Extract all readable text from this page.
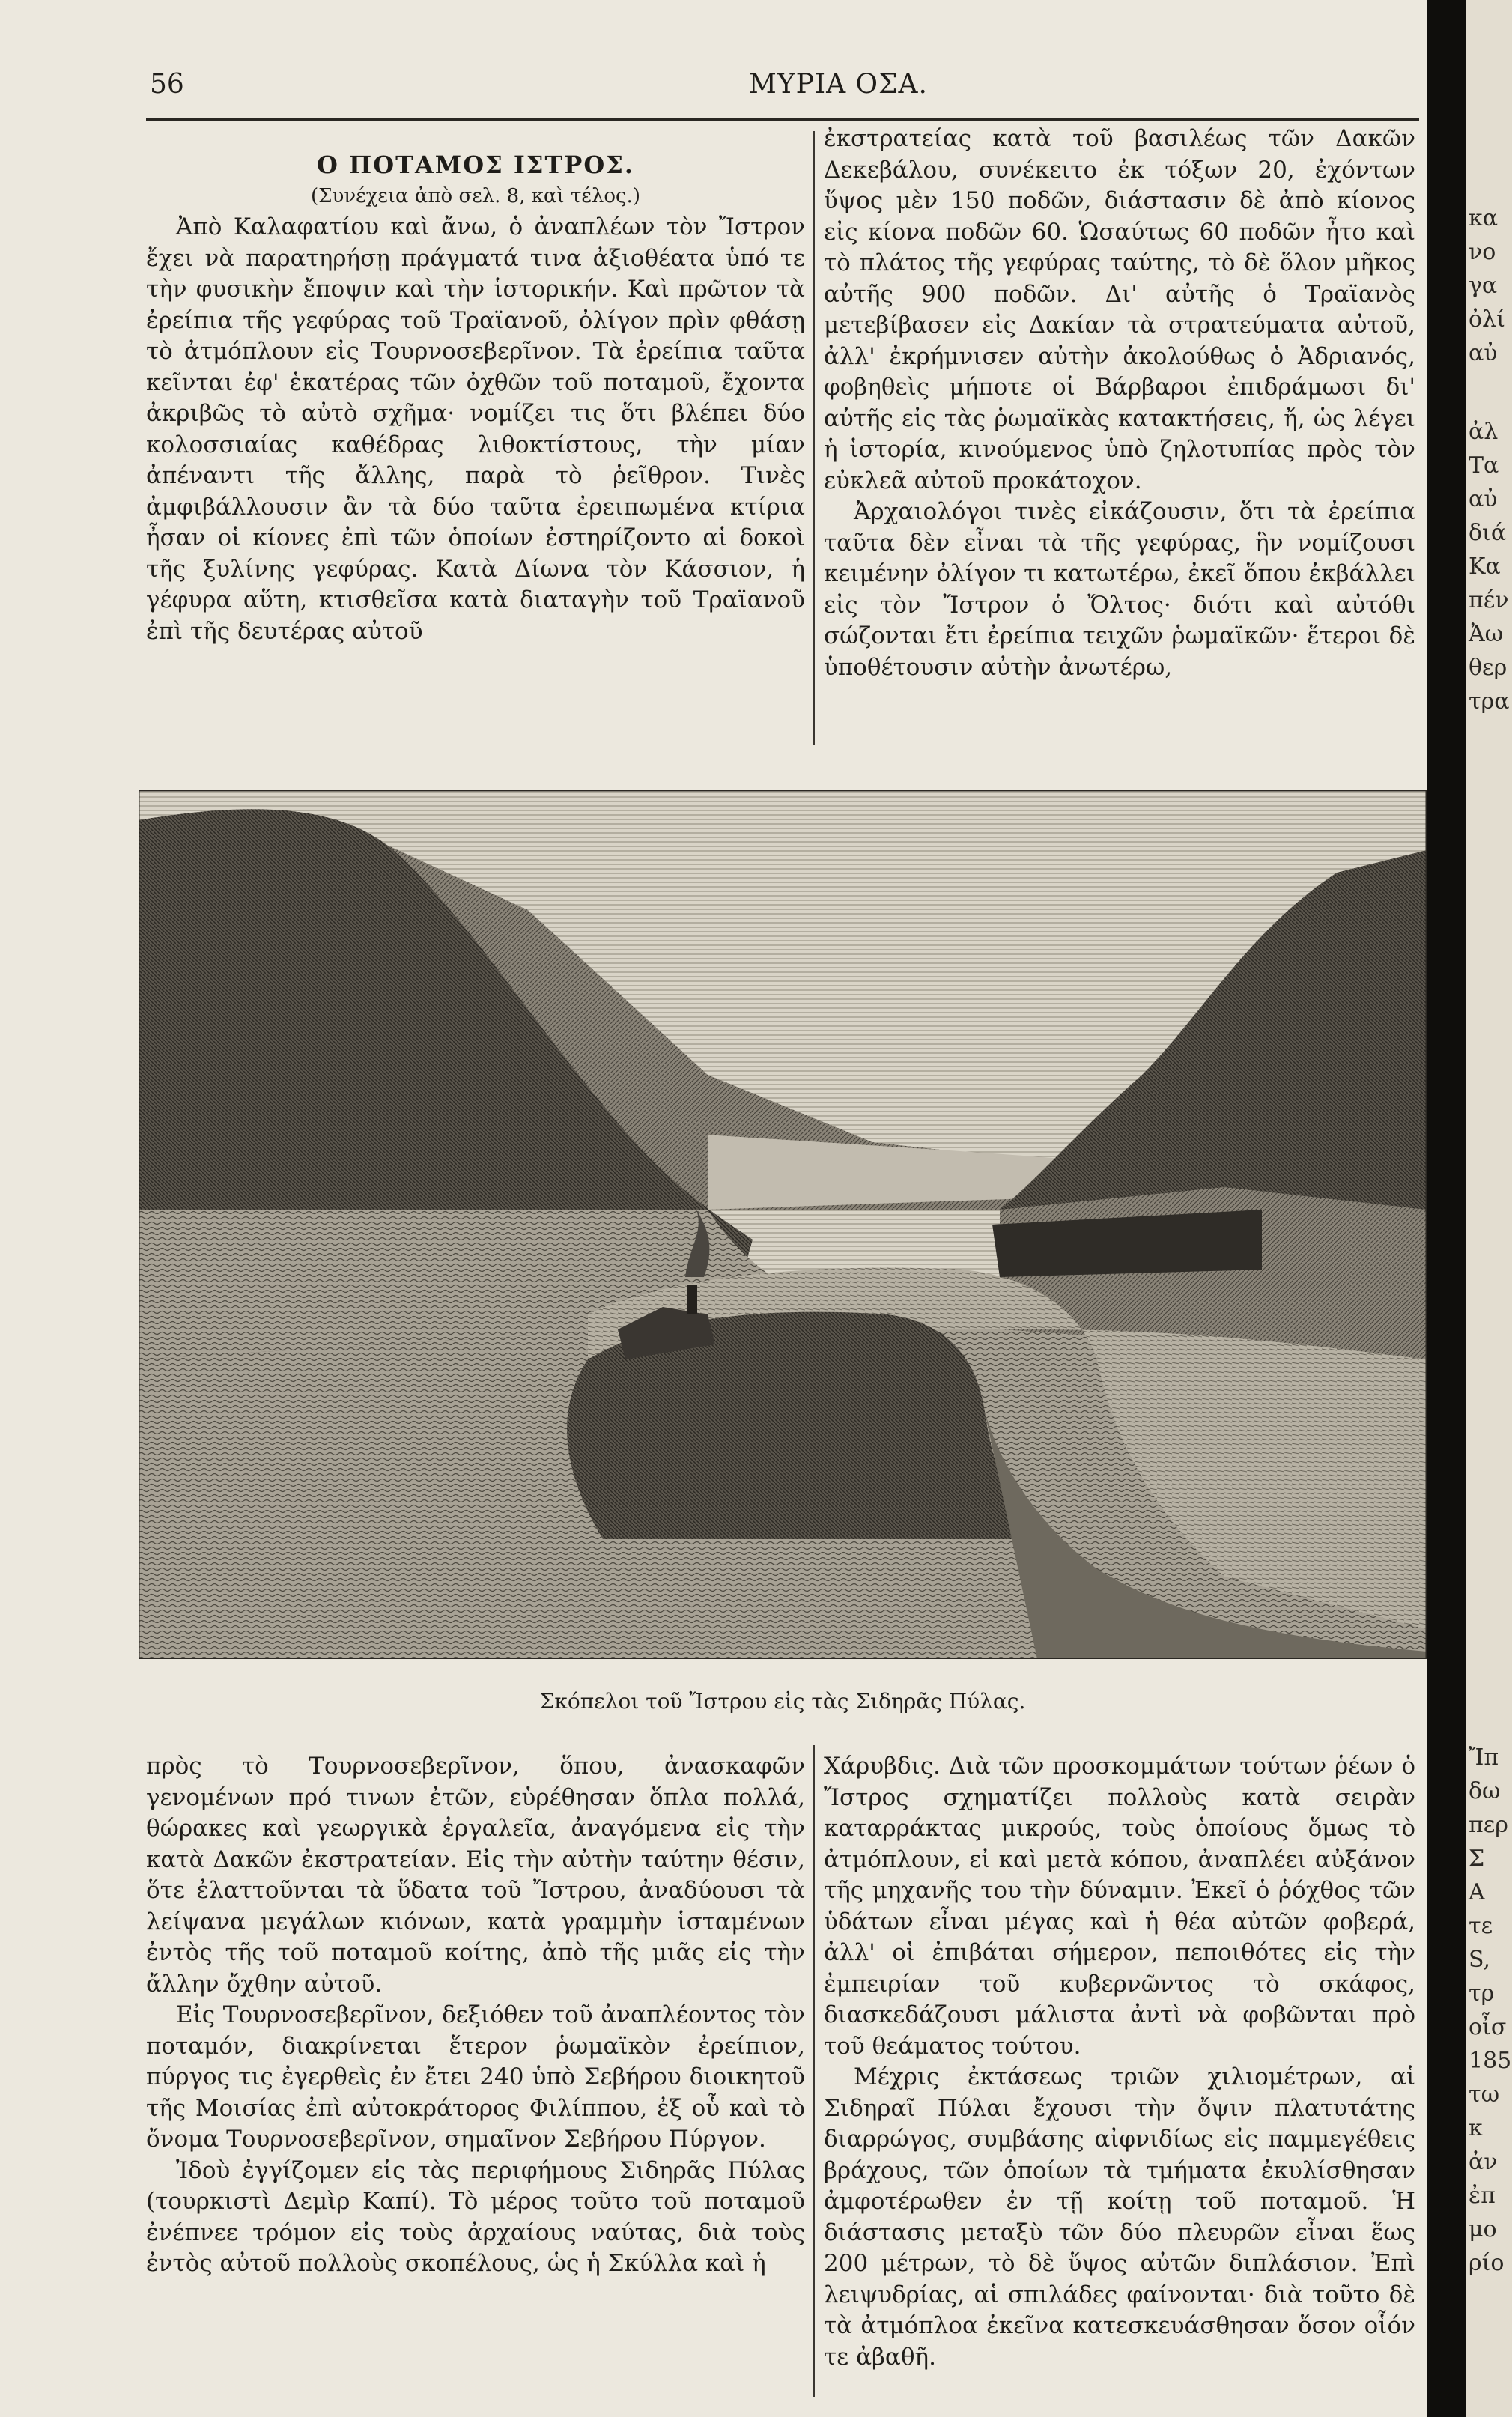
56	ΜΥΡΙΑ ΟΣΑ.

Ο ΠΟΤΑΜΟΣ ΙΣΤΡΟΣ.

(Συνέχεια ἀπὸ σελ. 8, καὶ τέλος.)

Ἀπὸ Καλαφατίου καὶ ἄνω, ὁ ἀναπλέων τὸν Ἴστρον ἔχει νὰ παρατηρήσῃ πράγματά τινα ἀξιοθέατα ὑπό τε τὴν φυσικὴν ἔποψιν καὶ τὴν ἱστορικήν. Καὶ πρῶτον τὰ ἐρείπια τῆς γεφύρας τοῦ Τραϊανοῦ, ὀλίγον πρὶν φθάσῃ τὸ ἀτμόπλουν εἰς Τουρνοσεβερῖνον. Τὰ ἐρείπια ταῦτα κεῖνται ἐφ' ἑκατέρας τῶν ὀχθῶν τοῦ ποταμοῦ, ἔχοντα ἀκριβῶς τὸ αὐτὸ σχῆμα· νομίζει τις ὅτι βλέπει δύο κολοσσιαίας καθέδρας λιθοκτίστους, τὴν μίαν ἀπέναντι τῆς ἄλλης, παρὰ τὸ ῥεῖθρον. Τινὲς ἀμφιβάλλουσιν ἂν τὰ δύο ταῦτα ἐρειπωμένα κτίρια ἦσαν οἱ κίονες ἐπὶ τῶν ὁποίων ἐστηρίζοντο αἱ δοκοὶ τῆς ξυλίνης γεφύρας. Κατὰ Δίωνα τὸν Κάσσιον, ἡ γέφυρα αὕτη, κτισθεῖσα κατὰ διαταγὴν τοῦ Τραϊανοῦ ἐπὶ τῆς δευτέρας αὐτοῦ

ἐκστρατείας κατὰ τοῦ βασιλέως τῶν Δακῶν Δεκεβάλου, συνέκειτο ἐκ τόξων 20, ἐχόντων ὕψος μὲν 150 ποδῶν, διάστασιν δὲ ἀπὸ κίονος εἰς κίονα ποδῶν 60. Ὡσαύτως 60 ποδῶν ἦτο καὶ τὸ πλάτος τῆς γεφύρας ταύτης, τὸ δὲ ὅλον μῆκος αὐτῆς 900 ποδῶν. Δι' αὐτῆς ὁ Τραϊανὸς μετεβίβασεν εἰς Δακίαν τὰ στρατεύματα αὐτοῦ, ἀλλ' ἐκρήμνισεν αὐτὴν ἀκολούθως ὁ Ἀδριανός, φοβηθεὶς μήποτε οἱ Βάρβαροι ἐπιδράμωσι δι' αὐτῆς εἰς τὰς ῥωμαϊκὰς κατακτήσεις, ἤ, ὡς λέγει ἡ ἱστορία, κινούμενος ὑπὸ ζηλοτυπίας πρὸς τὸν εὐκλεᾶ αὐτοῦ προκάτοχον.

Ἀρχαιολόγοι τινὲς εἰκάζουσιν, ὅτι τὰ ἐρείπια ταῦτα δὲν εἶναι τὰ τῆς γεφύρας, ἣν νομίζουσι κειμένην ὀλίγον τι κατωτέρω, ἐκεῖ ὅπου ἐκβάλλει εἰς τὸν Ἴστρον ὁ Ὄλτος· διότι καὶ αὐτόθι σώζονται ἔτι ἐρείπια τειχῶν ῥωμαϊκῶν· ἕτεροι δὲ ὑποθέτουσιν αὐτὴν ἀνωτέρω,

Σκόπελοι τοῦ Ἴστρου εἰς τὰς Σιδηρᾶς Πύλας.

πρὸς τὸ Τουρνοσεβερῖνον, ὅπου, ἀνασκαφῶν γενομένων πρό τινων ἐτῶν, εὑρέθησαν ὅπλα πολλά, θώρακες καὶ γεωργικὰ ἐργαλεῖα, ἀναγόμενα εἰς τὴν κατὰ Δακῶν ἐκστρατείαν. Εἰς τὴν αὐτὴν ταύτην θέσιν, ὅτε ἐλαττοῦνται τὰ ὕδατα τοῦ Ἴστρου, ἀναδύουσι τὰ λείψανα μεγάλων κιόνων, κατὰ γραμμὴν ἱσταμένων ἐντὸς τῆς τοῦ ποταμοῦ κοίτης, ἀπὸ τῆς μιᾶς εἰς τὴν ἄλλην ὄχθην αὐτοῦ.

Εἰς Τουρνοσεβερῖνον, δεξιόθεν τοῦ ἀναπλέοντος τὸν ποταμόν, διακρίνεται ἕτερον ῥωμαϊκὸν ἐρείπιον, πύργος τις ἐγερθεὶς ἐν ἔτει 240 ὑπὸ Σεβήρου διοικητοῦ τῆς Μοισίας ἐπὶ αὐτοκράτορος Φιλίππου, ἐξ οὗ καὶ τὸ ὄνομα Τουρνοσεβερῖνον, σημαῖνον Σεβήρου Πύργον.

Ἰδοὺ ἐγγίζομεν εἰς τὰς περιφήμους Σιδηρᾶς Πύλας (τουρκιστὶ Δεμὶρ Καπί). Τὸ μέρος τοῦτο τοῦ ποταμοῦ ἐνέπνεε τρόμον εἰς τοὺς ἀρχαίους ναύτας, διὰ τοὺς ἐντὸς αὐτοῦ πολλοὺς σκοπέλους, ὡς ἡ Σκύλλα καὶ ἡ

Χάρυβδις. Διὰ τῶν προσκομμάτων τούτων ῥέων ὁ Ἴστρος σχηματίζει πολλοὺς κατὰ σειρὰν καταρράκτας μικρούς, τοὺς ὁποίους ὅμως τὸ ἀτμόπλουν, εἰ καὶ μετὰ κόπου, ἀναπλέει αὐξάνον τῆς μηχανῆς του τὴν δύναμιν. Ἐκεῖ ὁ ῥόχθος τῶν ὑδάτων εἶναι μέγας καὶ ἡ θέα αὐτῶν φοβερά, ἀλλ' οἱ ἐπιβάται σήμερον, πεποιθότες εἰς τὴν ἐμπειρίαν τοῦ κυβερνῶντος τὸ σκάφος, διασκεδάζουσι μάλιστα ἀντὶ νὰ φοβῶνται πρὸ τοῦ θεάματος τούτου.

Μέχρις ἐκτάσεως τριῶν χιλιομέτρων, αἱ Σιδηραῖ Πύλαι ἔχουσι τὴν ὄψιν πλατυτάτης διαρρώγος, συμβάσης αἰφνιδίως εἰς παμμεγέθεις βράχους, τῶν ὁποίων τὰ τμήματα ἐκυλίσθησαν ἀμφοτέρωθεν ἐν τῇ κοίτῃ τοῦ ποταμοῦ. Ἡ διάστασις μεταξὺ τῶν δύο πλευρῶν εἶναι ἕως 200 μέτρων, τὸ δὲ ὕψος αὐτῶν διπλάσιον. Ἐπὶ λειψυδρίας, αἱ σπιλάδες φαίνονται· διὰ τοῦτο δὲ τὰ ἀτμόπλοα ἐκεῖνα κατεσκευάσθησαν ὅσον οἷόν τε ἀβαθῆ.

κα
νο
γα
ὀλί
αὐ
ἀλ
Τα
αὐ
διά
Κα
πέν
Ἀω
θερ
τρα
Ἴπ
δω
περ
Σ
Α
τε
S,
τρ
οἶσ
185
τω
κ
ἀν
ἐπ
μο
ρίο
